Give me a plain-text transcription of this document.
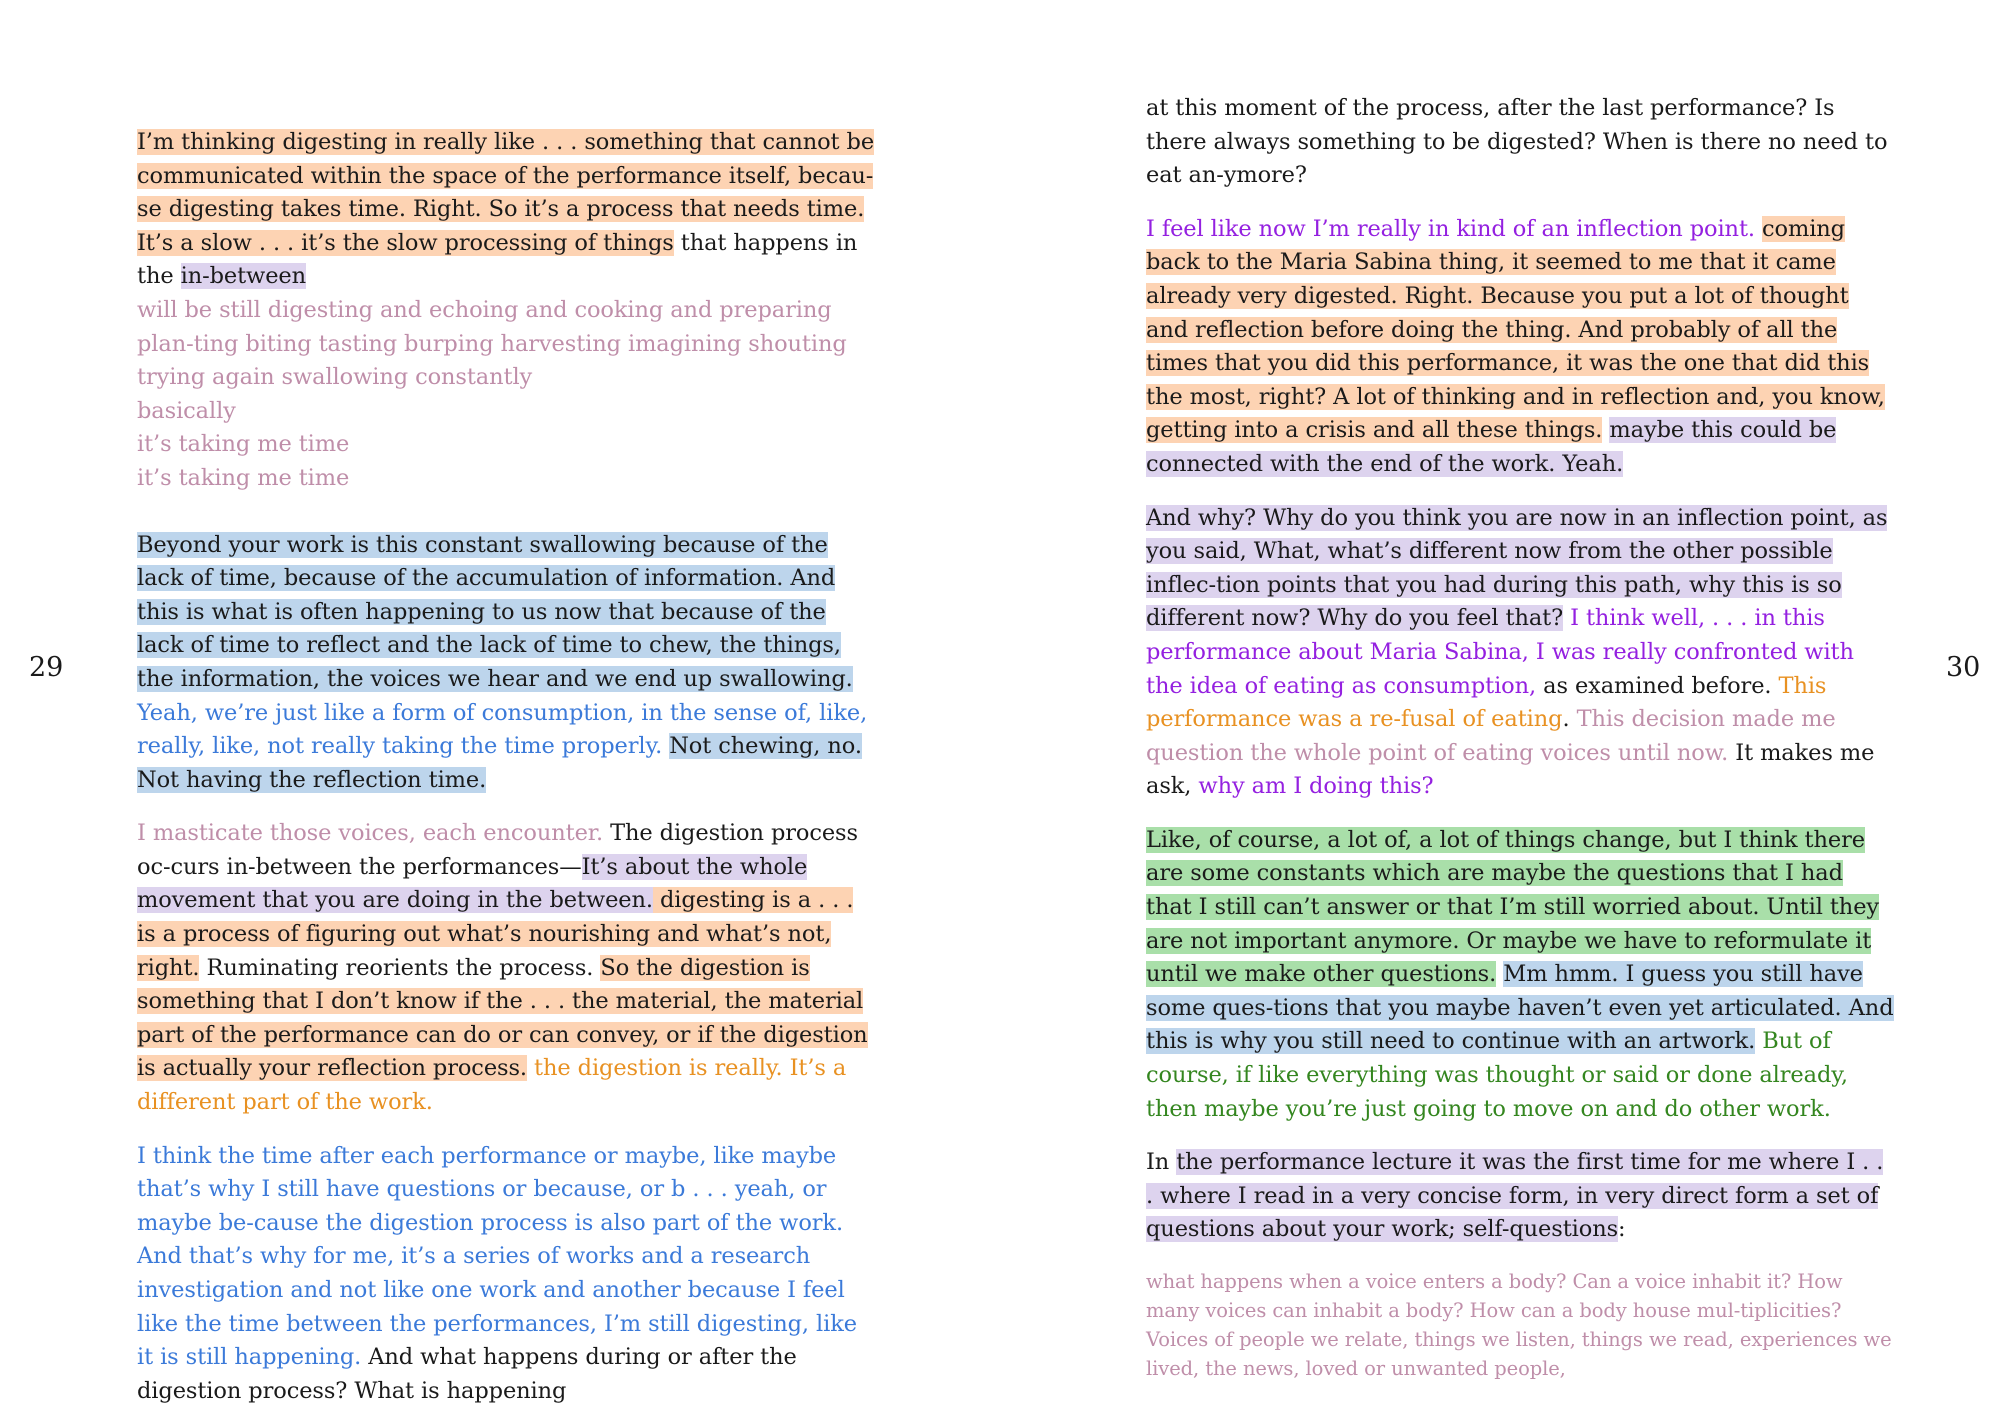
29	30

I’m thinking digesting in really like . . . something that cannot be communicated within the space of the performance itself, becau-se digesting takes time. Right. So it’s a process that needs time. It’s a slow . . . it’s the slow processing of things that happens in the in-between

will be still digesting and echoing and cooking and preparing plan-ting biting tasting burping harvesting imagining shouting trying again swallowing constantly
basically
it’s taking me time
it’s taking me time

Beyond your work is this constant swallowing because of the lack of time, because of the accumulation of information. And this is what is often happening to us now that because of the lack of time to reflect and the lack of time to chew, the things, the information, the voices we hear and we end up swallowing. Yeah, we’re just like a form of consumption, in the sense of, like, really, like, not really taking the time properly. Not chewing, no. Not having the reflection time.

I masticate those voices, each encounter. The digestion process oc-curs in-between the performances—It’s about the whole movement that you are doing in the between. digesting is a . . . is a process of figuring out what’s nourishing and what’s not, right. Ruminating reorients the process. So the digestion is something that I don’t know if the . . . the material, the material part of the performance can do or can convey, or if the digestion is actually your reflection process. the digestion is really. It’s a different part of the work.

I think the time after each performance or maybe, like maybe that’s why I still have questions or because, or b . . . yeah, or maybe be-cause the digestion process is also part of the work. And that’s why for me, it’s a series of works and a research investigation and not like one work and another because I feel like the time between the performances, I’m still digesting, like it is still happening. And what happens during or after the digestion process? What is happening

at this moment of the process, after the last performance? Is there always something to be digested? When is there no need to eat an-ymore?

I feel like now I’m really in kind of an inflection point. coming back to the Maria Sabina thing, it seemed to me that it came already very digested. Right. Because you put a lot of thought and reflection before doing the thing. And probably of all the times that you did this performance, it was the one that did this the most, right? A lot of thinking and in reflection and, you know, getting into a crisis and all these things. maybe this could be connected with the end of the work. Yeah.

And why? Why do you think you are now in an inflection point, as you said, What, what’s different now from the other possible inflec-tion points that you had during this path, why this is so different now? Why do you feel that? I think well, . . . in this performance about Maria Sabina, I was really confronted with the idea of eating as consumption, as examined before. This performance was a re-fusal of eating. This decision made me question the whole point of eating voices until now. It makes me ask, why am I doing this?

Like, of course, a lot of, a lot of things change, but I think there are some constants which are maybe the questions that I had that I still can’t answer or that I’m still worried about. Until they are not important anymore. Or maybe we have to reformulate it until we make other questions. Mm hmm. I guess you still have some ques-tions that you maybe haven’t even yet articulated. And this is why you still need to continue with an artwork. But of course, if like everything was thought or said or done already, then maybe you’re just going to move on and do other work.

In the performance lecture it was the first time for me where I . . . where I read in a very concise form, in very direct form a set of questions about your work; self-questions:

what happens when a voice enters a body? Can a voice inhabit it? How many voices can inhabit a body? How can a body house mul-tiplicities? Voices of people we relate, things we listen, things we read, experiences we lived, the news, loved or unwanted people,
